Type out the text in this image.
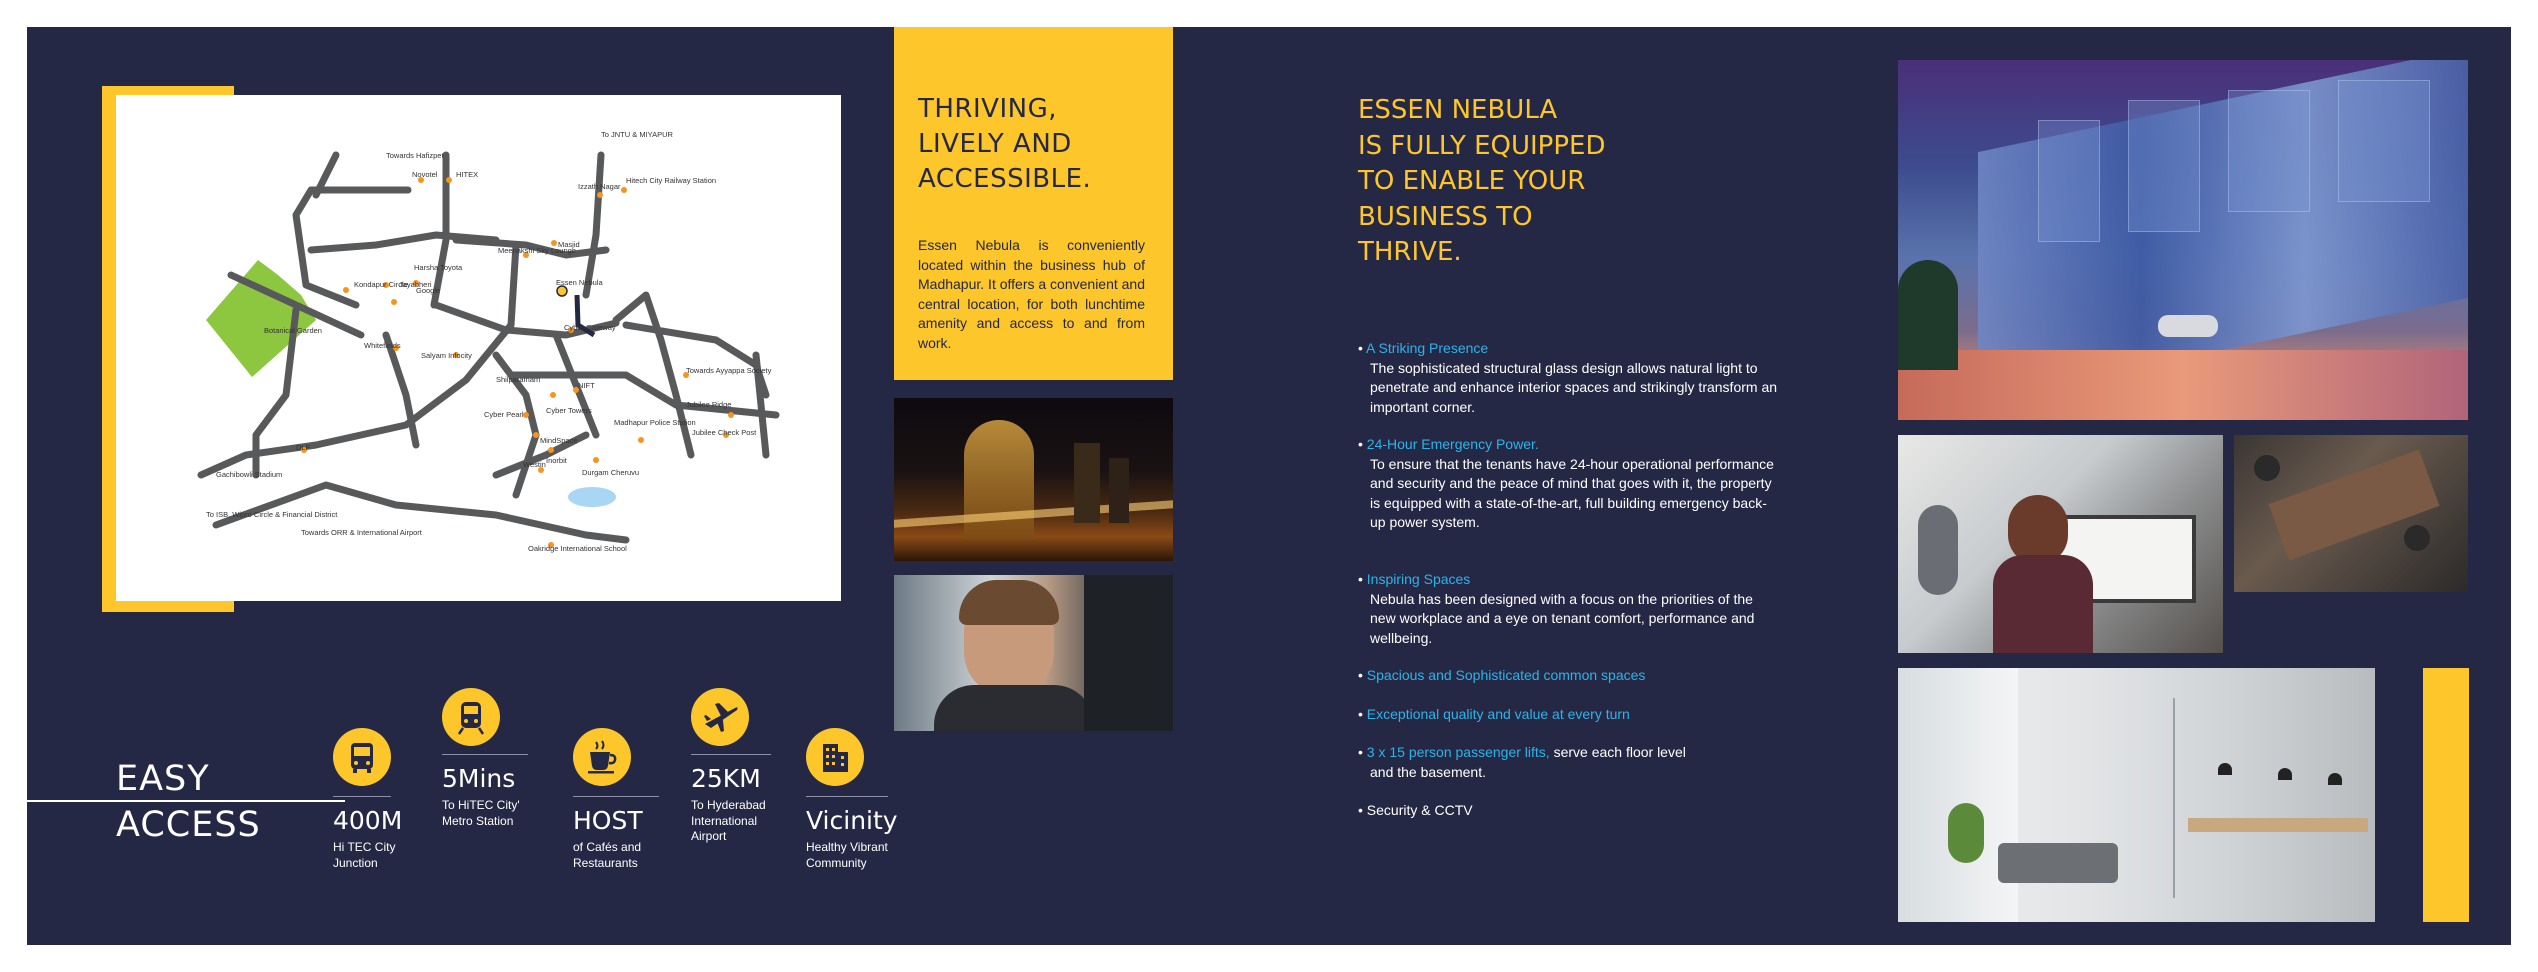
Towards Hafizpet
Novotel HITEX
To JNTU & MIYAPUR
Hitech City Railway Station
Izzath Nagar
Masjid
Meenakshi Sky Lounge
Harsha Toyota
Kondapur Circle
Jayabheri
Google
Botanical Garden
Essen Nebula
Cyber Gateway
Whitefields
Salyam Infocity
Shilparamam
NIFT
Towards Ayyappa Society
Jubilee Ridge
Cyber Pearl	Cyber Towers
Madhapur Police Station
Jubilee Check Post
DLF
MindSpace
Westin Inorbit
Durgam Cheruvu
Gachibowli Stadium
To ISB, Wipro Circle & Financial District
Towards ORR & International Airport
Oakridge International School
THRIVING,
LIVELY AND
ACCESSIBLE.
Essen Nebula is conveniently located within the business hub of Madhapur. It offers a convenient and central location, for both lunchtime amenity and access to and from work.
ESSEN NEBULA
IS FULLY EQUIPPED
TO ENABLE YOUR
BUSINESS TO
THRIVE.
• A Striking Presence
The sophisticated structural glass design allows natural light to penetrate and enhance interior spaces and strikingly transform an important corner.
• 24-Hour Emergency Power.
To ensure that the tenants have 24-hour operational performance and security and the peace of mind that goes with it, the property is equipped with a state-of-the-art, full building emergency back-up power system.
• Inspiring Spaces
Nebula has been designed with a focus on the priorities of the new workplace and a eye on tenant comfort, performance and wellbeing.
• Spacious and Sophisticated common spaces
• Exceptional quality and value at every turn
• 3 x 15 person passenger lifts, serve each floor level
and the basement.
• Security & CCTV
EASY
ACCESS	400M
Hi TEC City
Junction
5Mins
To HiTEC City'
Metro Station	HOST
of Cafés and
Restaurants
25KM
To Hyderabad
International
Airport
Vicinity
Healthy Vibrant
Community
